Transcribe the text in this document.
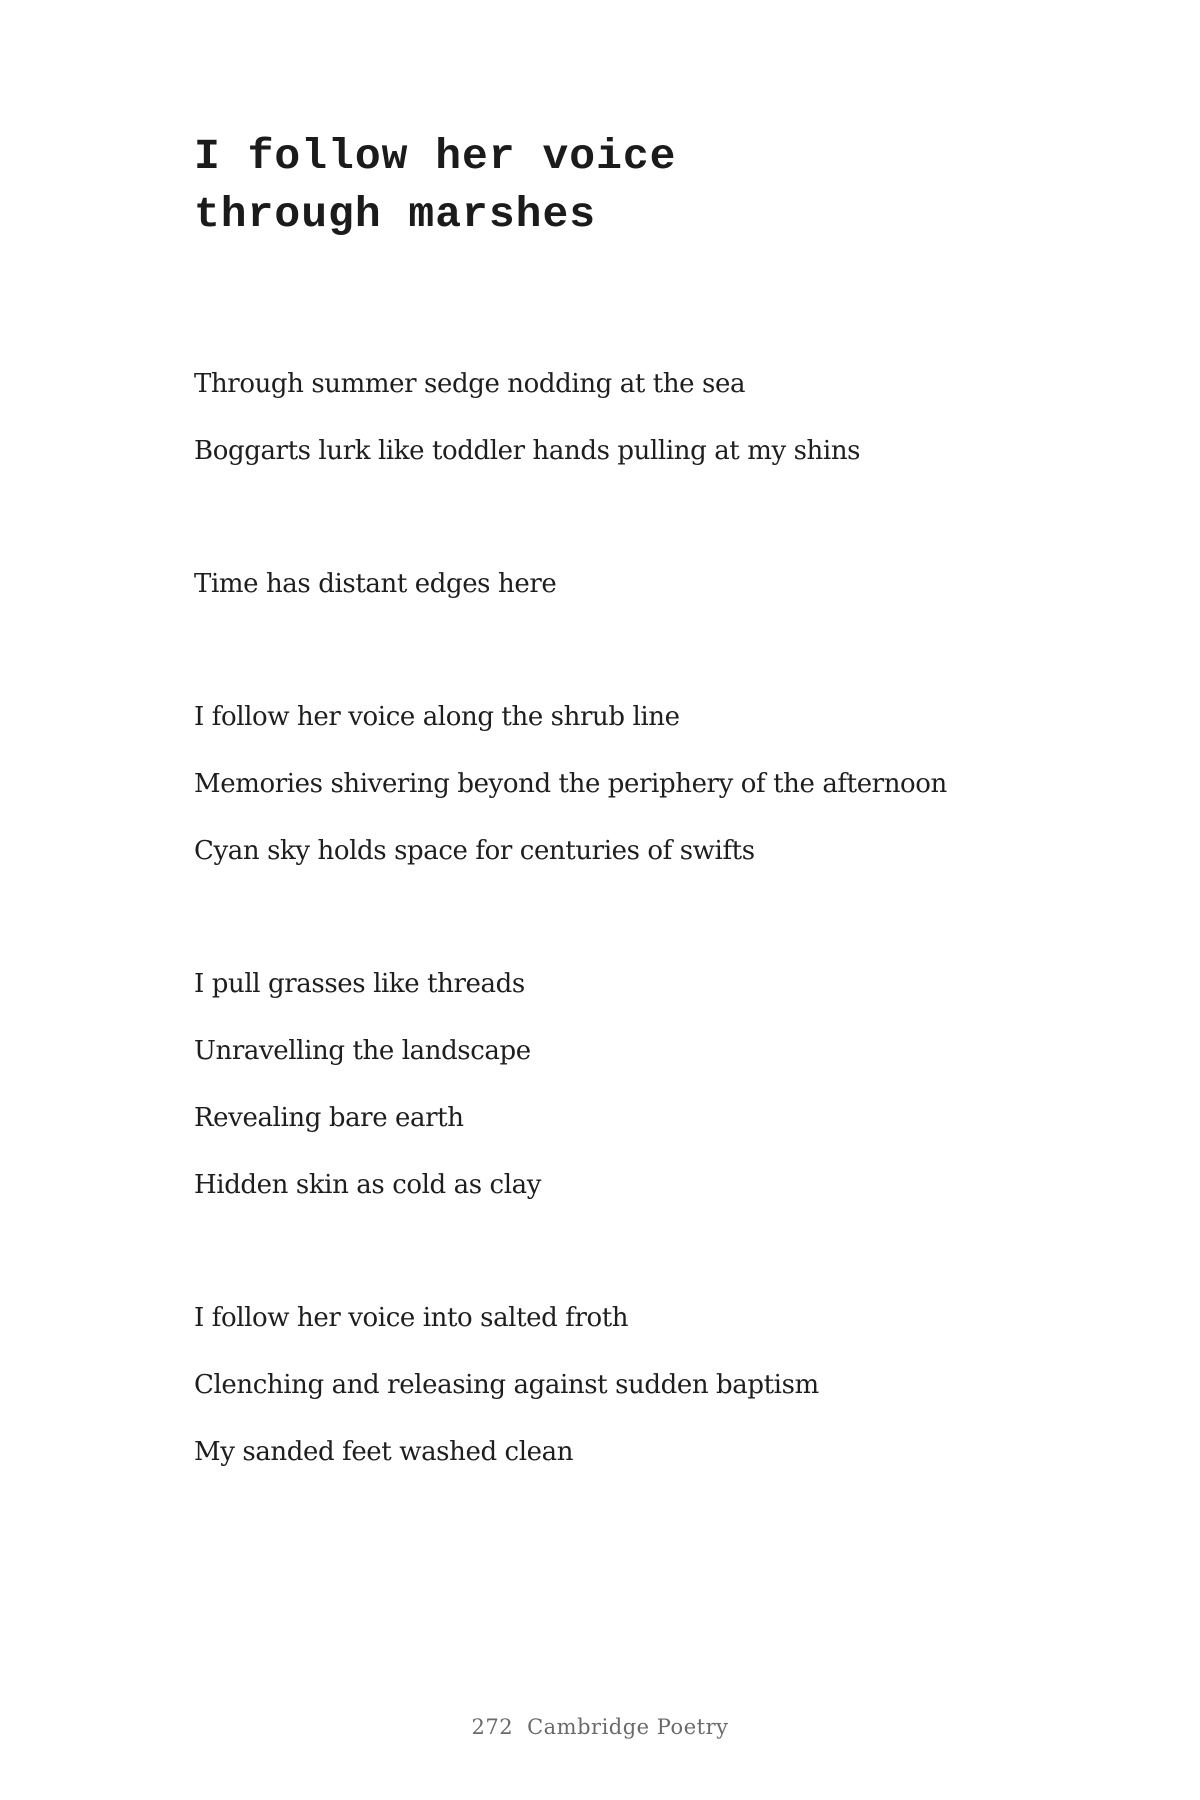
I follow her voice
through marshes
Through summer sedge nodding at the sea
Boggarts lurk like toddler hands pulling at my shins
Time has distant edges here
I follow her voice along the shrub line
Memories shivering beyond the periphery of the afternoon
Cyan sky holds space for centuries of swifts
I pull grasses like threads
Unravelling the landscape
Revealing bare earth
Hidden skin as cold as clay
I follow her voice into salted froth
Clenching and releasing against sudden baptism
My sanded feet washed clean
272 Cambridge Poetry
